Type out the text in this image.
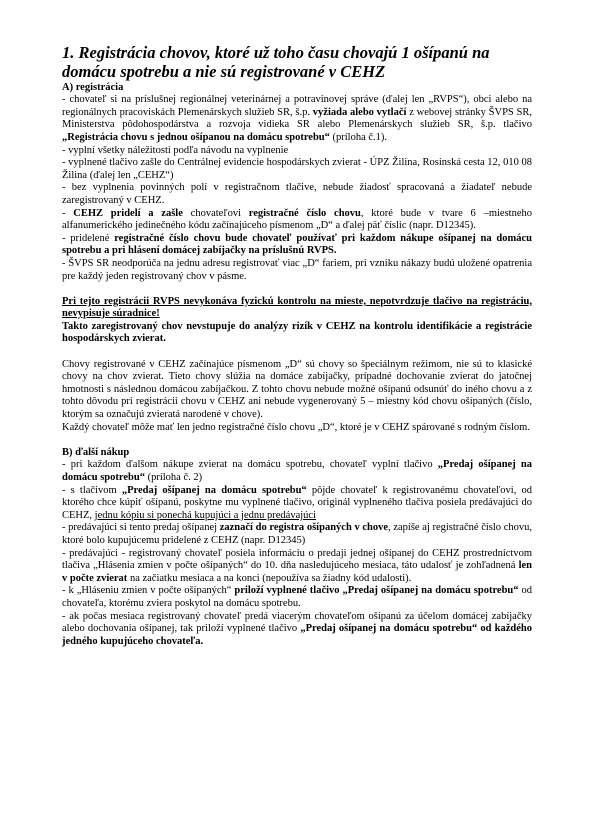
1. Registrácia chovov, ktoré už toho času chovajú 1 ošípanú na domácu spotrebu a nie sú registrované v CEHZ
A) registrácia

- chovateľ si na príslušnej regionálnej veterinárnej a potravinovej správe (ďalej len „RVPS“), obci alebo na regionálnych pracoviskách Plemenárskych služieb SR, š.p. vyžiada alebo vytlačí z webovej stránky ŠVPS SR, Ministerstva pôdohospodárstva a rozvoja vidieka SR alebo Plemenárskych služieb SR, š.p. tlačivo „Registrácia chovu s jednou ošípanou na domácu spotrebu“ (príloha č.1).

- vyplní všetky náležitosti podľa návodu na vyplnenie

- vyplnené tlačivo zašle do Centrálnej evidencie hospodárskych zvierat - ÚPZ Žilina, Rosinská cesta 12, 010 08 Žilina (ďalej len „CEHZ“)

- bez vyplnenia povinných polí v registračnom tlačive, nebude žiadosť spracovaná a žiadateľ nebude zaregistrovaný v CEHZ.

- CEHZ pridelí a zašle chovateľovi registračné číslo chovu, ktoré bude v tvare 6 –miestneho alfanumerického jedinečného kódu začínajúceho písmenom „D“ a ďalej päť číslic (napr. D12345).

- pridelené registračné číslo chovu bude chovateľ používať pri každom nákupe ošípanej na domácu spotrebu a pri hlásení domácej zabíjačky na príslušnú RVPS.

- ŠVPS SR neodporúča na jednu adresu registrovať viac „D“ fariem, pri vzniku nákazy budú uložené opatrenia pre každý jeden registrovaný chov v pásme.

Pri tejto registrácii RVPS nevykonáva fyzickú kontrolu na mieste, nepotvrdzuje tlačivo na registráciu, nevypisuje súradnice!

Takto zaregistrovaný chov nevstupuje do analýzy rizík v CEHZ na kontrolu identifikácie a registrácie hospodárskych zvierat.

Chovy registrované v CEHZ začínajúce písmenom „D“ sú chovy so špeciálnym režimom, nie sú to klasické chovy na chov zvierat. Tieto chovy slúžia na domáce zabíjačky, prípadné dochovanie zvierat do jatočnej hmotnosti s následnou domácou zabíjačkou. Z tohto chovu nebude možné ošípanú odsunúť do iného chovu a z tohto dôvodu pri registrácii chovu v CEHZ ani nebude vygenerovaný 5 – miestny kód chovu ošípaných (číslo, ktorým sa označujú zvieratá narodené v chove).

Každý chovateľ môže mať len jedno registračné číslo chovu „D“, ktoré je v CEHZ spárované s rodným číslom.

B) ďalší nákup

- pri každom ďalšom nákupe zvierat na domácu spotrebu, chovateľ vyplní tlačivo „Predaj ošípanej na domácu spotrebu“ (príloha č. 2)

- s tlačivom „Predaj ošípanej na domácu spotrebu“ pôjde chovateľ k registrovanému chovateľovi, od ktorého chce kúpiť ošípanú, poskytne mu vyplnené tlačivo, originál vyplneného tlačiva posiela predávajúci do CEHZ, jednu kópiu si ponechá kupujúci a jednu predávajúci

- predávajúci si tento predaj ošípanej zaznačí do registra ošípaných v chove, zapíše aj registračné číslo chovu, ktoré bolo kupujúcemu pridelené z CEHZ (napr. D12345)

- predávajúci - registrovaný chovateľ posiela informáciu o predaji jednej ošípanej do CEHZ prostredníctvom tlačiva „Hlásenia zmien v počte ošípaných“ do 10. dňa nasledujúceho mesiaca, táto udalosť je zohľadnená len v počte zvierat na začiatku mesiaca a na konci (nepoužíva sa žiadny kód udalosti).

- k „Hláseniu zmien v počte ošípaných“ priloží vyplnené tlačivo „Predaj ošípanej na domácu spotrebu“ od chovateľa, ktorému zviera poskytol na domácu spotrebu.

- ak počas mesiaca registrovaný chovateľ predá viacerým chovateľom ošípanú za účelom domácej zabíjačky alebo dochovania ošípanej, tak priloží vyplnené tlačivo „Predaj ošípanej na domácu spotrebu“ od každého jedného kupujúceho chovateľa.
